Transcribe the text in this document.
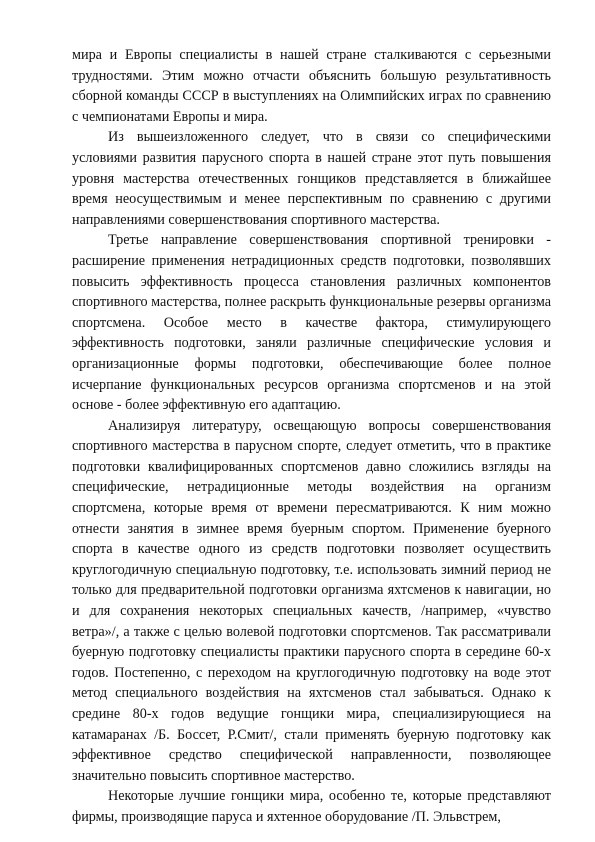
мира и Европы специалисты в нашей стране сталкиваются с серьезными трудностями. Этим можно отчасти объяснить большую результативность сборной команды СССР в выступлениях на Олимпийских играх по сравнению с чемпионатами Европы и мира.

Из вышеизложенного следует, что в связи со специфическими условиями развития парусного спорта в нашей стране этот путь повышения уровня мастерства отечественных гонщиков представляется в ближайшее время неосуществимым и менее перспективным по сравнению с другими направлениями совершенствования спортивного мастерства.

Третье направление совершенствования спортивной тренировки - расширение применения нетрадиционных средств подготовки, позволявших повысить эффективность процесса становления различных компонентов спортивного мастерства, полнее раскрыть функциональные резервы организма спортсмена. Особое место в качестве фактора, стимулирующего эффективность подготовки, заняли различные специфические условия и организационные формы подготовки, обеспечивающие более полное исчерпание функциональных ресурсов организма спортсменов и на этой основе - более эффективную его адаптацию.

Анализируя литературу, освещающую вопросы совершенствования спортивного мастерства в парусном спорте, следует отметить, что в практике подготовки квалифицированных спортсменов давно сложились взгляды на специфические, нетрадиционные методы воздействия на организм спортсмена, которые время от времени пересматриваются. К ним можно отнести занятия в зимнее время буерным спортом. Применение буерного спорта в качестве одного из средств подготовки позволяет осуществить круглогодичную специальную подготовку, т.е. использовать зимний период не только для предварительной подготовки организма яхтсменов к навигации, но и для сохранения некоторых специальных качеств, /например, «чувство ветра»/, а также с целью волевой подготовки спортсменов. Так рассматривали буерную подготовку специалисты практики парусного спорта в середине 60-х годов. Постепенно, с переходом на круглогодичную подготовку на воде этот метод специального воздействия на яхтсменов стал забываться. Однако к средине 80-х годов ведущие гонщики мира, специализирующиеся на катамаранах /Б. Боссет, Р.Смит/, стали применять буерную подготовку как эффективное средство специфической направленности, позволяющее значительно повысить спортивное мастерство.

Некоторые лучшие гонщики мира, особенно те, которые представляют фирмы, производящие паруса и яхтенное оборудование /П. Эльвстрем,
